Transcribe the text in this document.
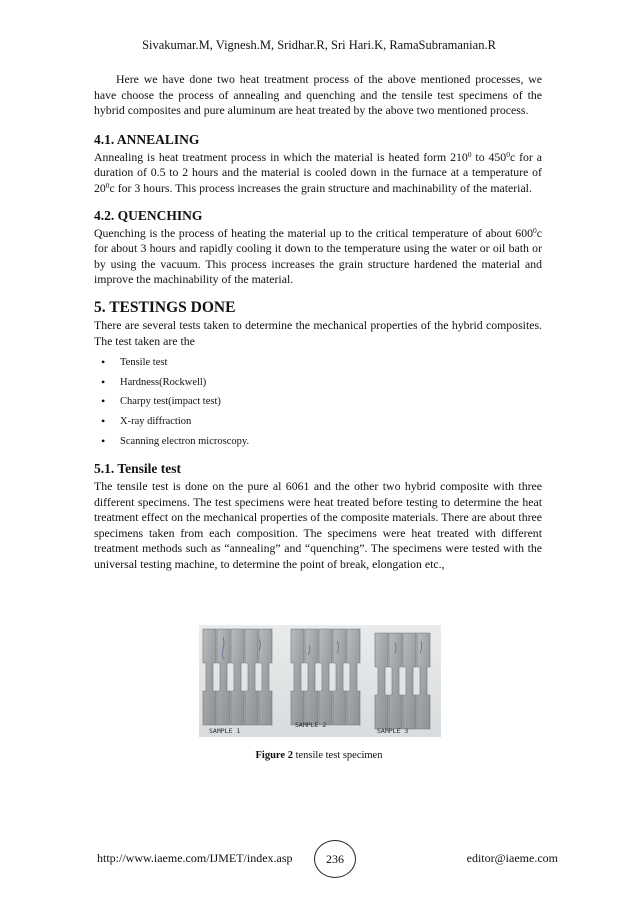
Sivakumar.M, Vignesh.M, Sridhar.R, Sri Hari.K, RamaSubramanian.R

Here we have done two heat treatment process of the above mentioned processes, we have choose the process of annealing and quenching and the tensile test specimens of the hybrid composites and pure aluminum are heat treated by the above two mentioned process.

4.1. ANNEALING

Annealing is heat treatment process in which the material is heated form $210^0$ to $450^0c$ for a duration of 0.5 to 2 hours and the material is cooled down in the furnace at a temperature of $20^0c$ for 3 hours. This process increases the grain structure and machinability of the material.

4.2. QUENCHING

Quenching is the process of heating the material up to the critical temperature of about $600^0c$ for about 3 hours and rapidly cooling it down to the temperature using the water or oil bath or by using the vacuum. This process increases the grain structure hardened the material and improve the machinability of the material.

5. TESTINGS DONE

There are several tests taken to determine the mechanical properties of the hybrid composites. The test taken are the

• Tensile test
• Hardness(Rockwell)
• Charpy test(impact test)
• X-ray diffraction
• Scanning electron microscopy.
5.1. Tensile test

The tensile test is done on the pure al 6061 and the other two hybrid composite with three different specimens. The test specimens were heat treated before testing to determine the heat treatment effect on the mechanical properties of the composite materials. There are about three specimens taken from each composition. The specimens were heat treated with different treatment methods such as “annealing” and “quenching”. The specimens were tested with the universal testing machine, to determine the point of break, elongation etc.,

SAMPLE 1
SAMPLE 2
SAMPLE 3
Figure 2 tensile test specimen
http://www.iaeme.com/IJMET/index.asp	236	editor@iaeme.com
